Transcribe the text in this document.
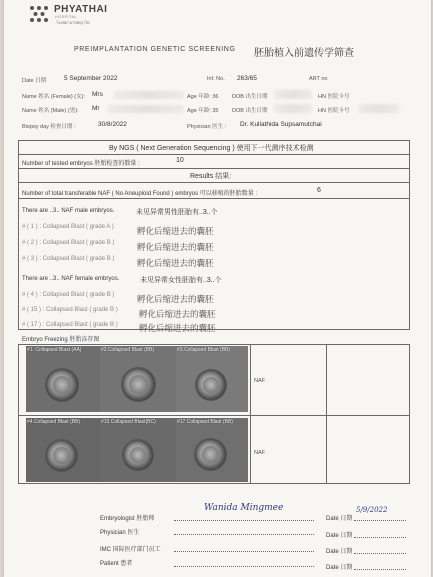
PHYATHAI
HOSPITAL
โรงพยาบาลพญาไท
PREIMPLANTATION GENETIC SCREENING 胚胎植入前遗传学筛查
Date 日期	5 September 2022	Inf. No. 263/65	ART no
Name 姓名 (Female) (女): Mrs	Age 年龄: 36 DOB 出生日期	HN 医院卡号
Name 姓名 (Male) (男): Mr	Age 年龄: 35 DOB 出生日期	HN 医院卡号
Biopsy day 检查日期 :	30/8/2022	Physician 医生 : Dr. Kullathida Supsamutchai
By NGS ( Next Generation Sequencing ) 使用下一代测序技术检测
Number of tested embryos 胚胎检查的数量 :	10
Results 结果:
Number of total transferable NAF ( No Aneuploid Found ) embryos 可以移植的胚胎数量 :	6
There are ..3.. NAF male embryos.	未见异常男性胚胎有..3..个
# ( 1 ) : Collapsed Blast ( grade A )	孵化后缩进去的囊胚
# ( 2 ) : Collapsed Blast ( grade B )	孵化后缩进去的囊胚
# ( 3 ) : Collapsed Blast ( grade B )	孵化后缩进去的囊胚
There are ..3.. NAF female embryos.	未见异常女性胚胎有..3..个
# ( 4 ) : Collapsed Blast ( grade B )	孵化后缩进去的囊胚
# ( 15 ) : Collapsed Blast ( grade B )	孵化后缩进去的囊胚
# ( 17 ) : Collapsed Blast ( grade B )	孵化后缩进去的囊胚
Embryo Freezing 胚胎冻存图
#1. Collapsed Blast (AA)	#2.Collapsed Blast (BB)	#3.Collapsed Blast (BB)
#4.Collapsed Blast (BB)	#15.Collapsed Blast(BC)	#17.Collapsed Blast (BB)
NAF
NAF
Embryologist 胚胎师
Wanida Mingmee
Date 日期
5/9/2022
Physician 医生	Date 日期
IMC 国际医疗部门员工	Date 日期
Patient 患者
Date 日期
